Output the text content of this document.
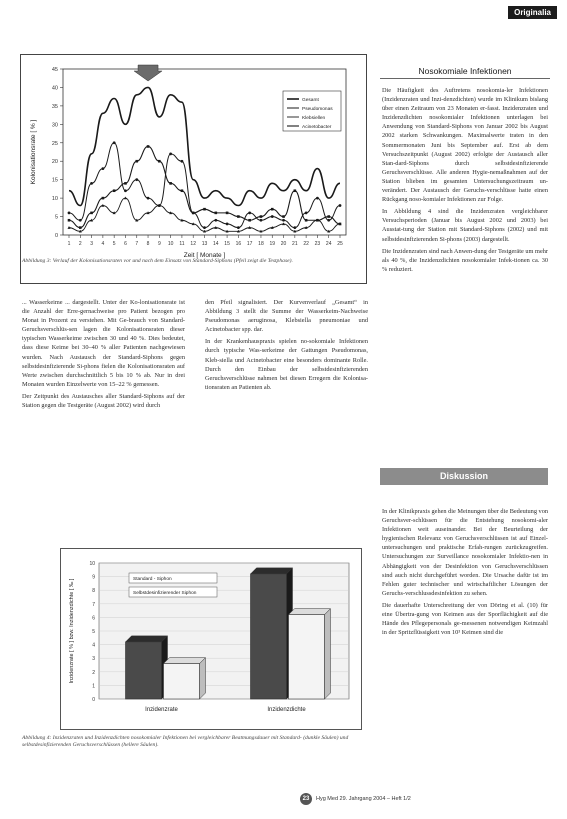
Originalia
0
5
10
15
20
25
30
35
40
45
1 2 3 4 5 6 7 8 9 10 11 12 13 14 15 16 17 18 19 20 21 22 23 24 25
Kolonisationsrate [ % ]
Zeit [ Monate ]
Gesamt
Pseudomonas
Klebsiellen
Acinetobacter
Abbildung 3: Verlauf der Kolonisationsraten vor und nach dem Einsatz von Standard-Siphons (Pfeil zeigt die Testphase).

... Wasserkeime ... dargestellt. Unter der Ko-lonisationsrate ist die Anzahl der Erre-gernachweise pro Patient bezogen pro Monat in Prozent zu verstehen. Mit Ge-brauch von Standard-Geruchsverschlüs-sen lagen die Kolonisationsraten dieser typischen Wasserkeime zwischen 30 und 40 %. Dies bedeutet, dass diese Keime bei 30–40 % aller Patienten nachgewiesen wurden. Nach Austausch der Standard-Siphons gegen selbstdesinfizierende Si-phons fielen die Kolonisationsraten auf Werte zwischen durchschnittlich 5 bis 10 % ab. Nur in drei Monaten wurden Einzelwerte von 15–22 % gemessen.

Der Zeitpunkt des Austausches aller Standard-Siphons auf der Station gegen die Testgeräte (August 2002) wird durch

den Pfeil signalisiert. Der Kurvenverlauf „Gesamt“ in Abbildung 3 stellt die Summe der Wasserkeim-Nachweise Pseudomonas aeruginosa, Klebsiella pneumoniae und Acinetobacter spp. dar.

In der Krankenhauspraxis spielen no-sokomiale Infektionen durch typische Was-serkeime der Gattungen Pseudomonas, Kleb-siella und Acinetobacter eine besonders dominante Rolle. Durch den Einbau der selbstdesinfizierenden Geruchsverschlüsse nahmen bei diesen Erregern die Kolonisa-tionsraten an Patienten ab.

Nosokomiale Infektionen

Die Häufigkeit des Auftretens nosokomia-ler Infektionen (Inzidenzraten und Inzi-denzdichten) wurde im Klinikum bislang über einen Zeitraum von 23 Monaten er-fasst. Inzidenzraten und Inzidenzdichten nosokomialer Infektionen unterlagen bei Anwendung von Standard-Siphons von Januar 2002 bis August 2002 starken Schwankungen. Maximalwerte traten in den Sommermonaten Juni bis September auf. Erst ab dem Versuchszeitpunkt (August 2002) erfolgte der Austausch aller Stan-dard-Siphons durch selbstdesinfizierende Geruchsverschlüsse. Alle anderen Hygie-nemaßnahmen auf der Station blieben im gesamten Untersuchungszeitraum un-verändert. Der Austausch der Geruchs-verschlüsse hatte einen Rückgang noso-komialer Infektionen zur Folge.

In Abbildung 4 sind die Inzidenzraten vergleichbarer Versuchsperioden (Januar bis August 2002 und 2003) bei Ausstat-tung der Station mit Standard-Siphons (2002) und mit selbstdesinfizierenden Si-phons (2003) dargestellt.

Die Inzidenzraten sind nach Anwen-dung der Testgeräte um mehr als 40 %, die Inzidenzdichten nosokomialer Infek-tionen ca. 30 % reduziert.

Diskussion

In der Klinikpraxis gehen die Meinungen über die Bedeutung von Geruchsver-schlüssen für die Entstehung nosokomi-aler Infektionen weit auseinander. Bei der Beurteilung der hygienischen Relevanz von Geruchsverschlüssen ist auf Einzel-untersuchungen und praktische Erfah-rungen zurückzugreifen. Untersuchungen zur Surveillance nosokomialer Infektio-nen in Abhängigkeit von der Desinfektion von Geruchsverschlüssen sind auch nicht durchgeführt worden. Die Ursache dafür ist im Fehlen guter technischer und wirtschaftlicher Lösungen der Geruchs-verschlussdesinfektion zu sehen.

Die dauerhafte Unterschreitung der von Döring et al. (10) für eine Übertra-gung von Keimen aus der Sporflächigkeit auf die Hände des Pflegepersonals ge-messenen notwendigen Keimzahl in der Spritzflüssigkeit von 10³ Keimen sind die

0
1
2
3
4
5
6
7
8
9
10
Inzidenzrate [ % ] bzw. Inzidenzdichte [ ‰ ]
Inzidenzrate	Inzidenzdichte
Standard - Siphon
Selbstdesinfizierender Siphon
Abbildung 4: Inzidenzraten und Inzidenzdichten nosokomialer Infektionen bei vergleichbarer Beatmungsdauer mit Standard- (dunkle Säulen) und selbstdesinfizierenden Geruchsverschlüssen (hellere Säulen).
23	Hyg Med 29. Jahrgang 2004 – Heft 1/2
